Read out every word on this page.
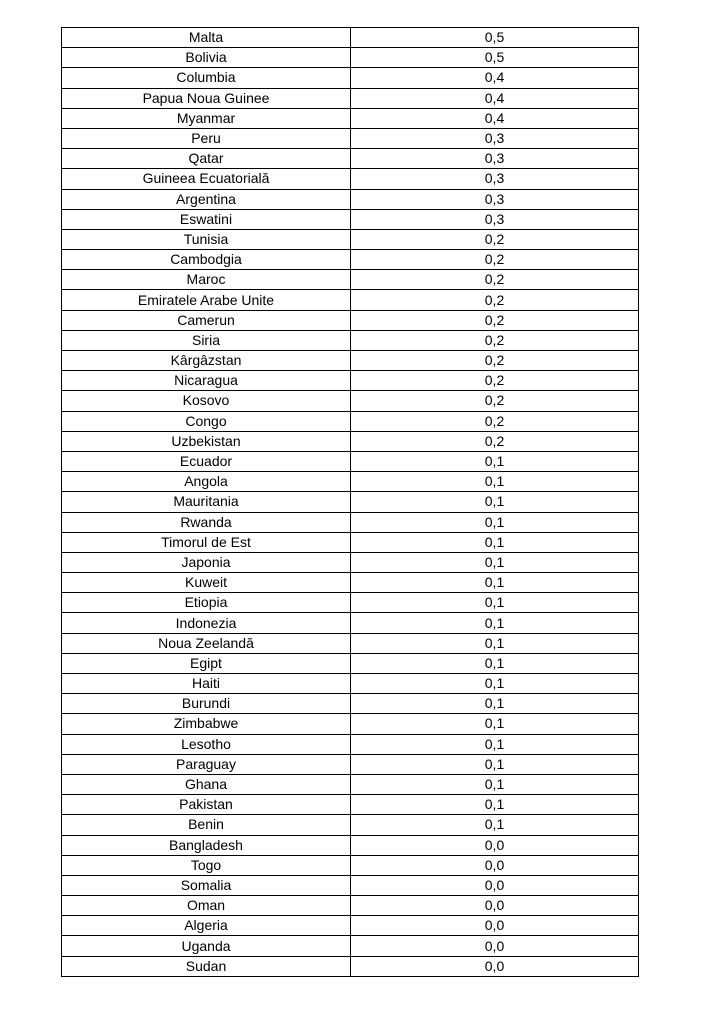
Malta	0,5
Bolivia	0,5
Columbia	0,4
Papua Noua Guinee	0,4
Myanmar	0,4
Peru	0,3
Qatar	0,3
Guineea Ecuatorială	0,3
Argentina	0,3
Eswatini	0,3
Tunisia	0,2
Cambodgia	0,2
Maroc	0,2
Emiratele Arabe Unite	0,2
Camerun	0,2
Siria	0,2
Kârgâzstan	0,2
Nicaragua	0,2
Kosovo	0,2
Congo	0,2
Uzbekistan	0,2
Ecuador	0,1
Angola	0,1
Mauritania	0,1
Rwanda	0,1
Timorul de Est	0,1
Japonia	0,1
Kuweit	0,1
Etiopia	0,1
Indonezia	0,1
Noua Zeelandă	0,1
Egipt	0,1
Haiti	0,1
Burundi	0,1
Zimbabwe	0,1
Lesotho	0,1
Paraguay	0,1
Ghana	0,1
Pakistan	0,1
Benin	0,1
Bangladesh	0,0
Togo	0,0
Somalia	0,0
Oman	0,0
Algeria	0,0
Uganda	0,0
Sudan	0,0
